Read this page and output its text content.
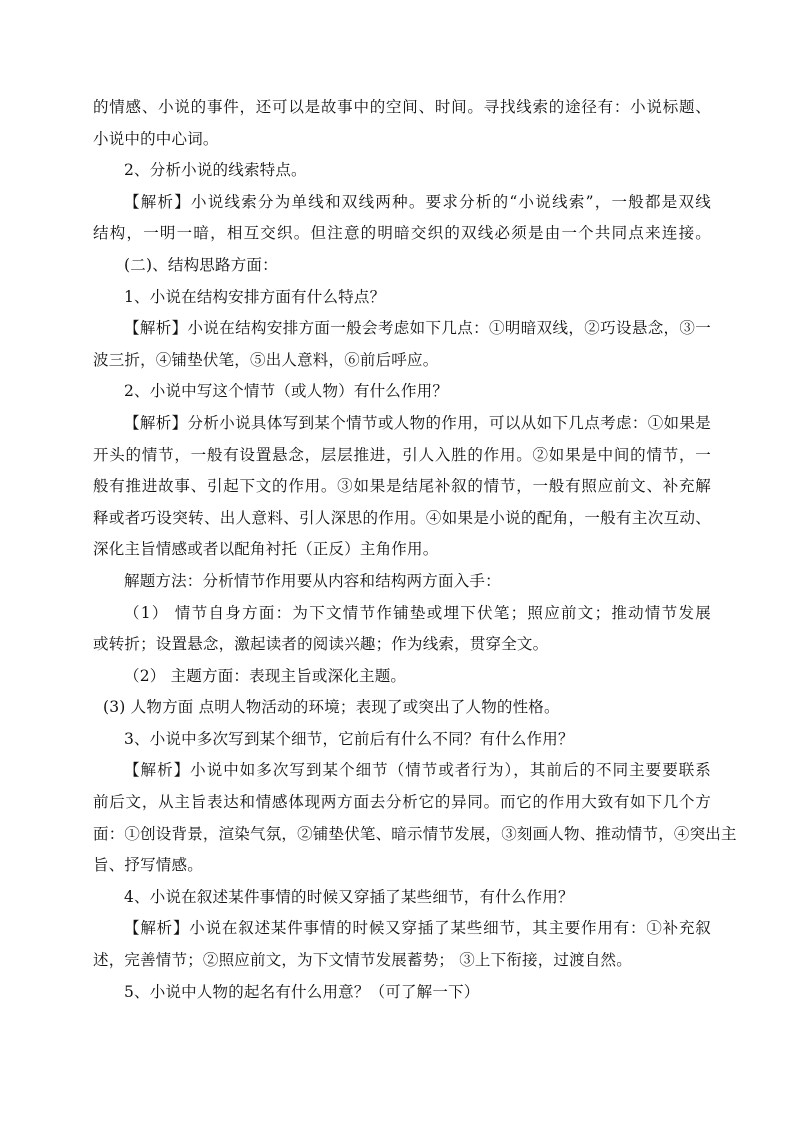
的情感、小说的事件，还可以是故事中的空间、时间。寻找线索的途径有：小说标题、
小说中的中心词。
2、分析小说的线索特点。
【解析】小说线索分为单线和双线两种。要求分析的“小说线索”，一般都是双线
结构，一明一暗，相互交织。但注意的明暗交织的双线必须是由一个共同点来连接。
(二)、结构思路方面：
1、小说在结构安排方面有什么特点？
【解析】小说在结构安排方面一般会考虑如下几点：①明暗双线，②巧设悬念，③一
波三折，④铺垫伏笔，⑤出人意料，⑥前后呼应。
2、小说中写这个情节（或人物）有什么作用？
【解析】分析小说具体写到某个情节或人物的作用，可以从如下几点考虑：①如果是
开头的情节，一般有设置悬念，层层推进，引人入胜的作用。②如果是中间的情节，一
般有推进故事、引起下文的作用。③如果是结尾补叙的情节，一般有照应前文、补充解
释或者巧设突转、出人意料、引人深思的作用。④如果是小说的配角，一般有主次互动、
深化主旨情感或者以配角衬托（正反）主角作用。
解题方法：分析情节作用要从内容和结构两方面入手：
（1） 情节自身方面：为下文情节作铺垫或埋下伏笔；照应前文；推动情节发展
或转折；设置悬念，激起读者的阅读兴趣；作为线索，贯穿全文。
（2） 主题方面：表现主旨或深化主题。
(3) 人物方面 点明人物活动的环境；表现了或突出了人物的性格。
3、小说中多次写到某个细节，它前后有什么不同？有什么作用？
【解析】小说中如多次写到某个细节（情节或者行为），其前后的不同主要要联系
前后文，从主旨表达和情感体现两方面去分析它的异同。而它的作用大致有如下几个方
面：①创设背景，渲染气氛，②铺垫伏笔、暗示情节发展，③刻画人物、推动情节，④突出主
旨、抒写情感。
4、小说在叙述某件事情的时候又穿插了某些细节，有什么作用？
【解析】小说在叙述某件事情的时候又穿插了某些细节，其主要作用有：①补充叙
述，完善情节；②照应前文，为下文情节发展蓄势； ③上下衔接，过渡自然。
5、小说中人物的起名有什么用意？（可了解一下）
